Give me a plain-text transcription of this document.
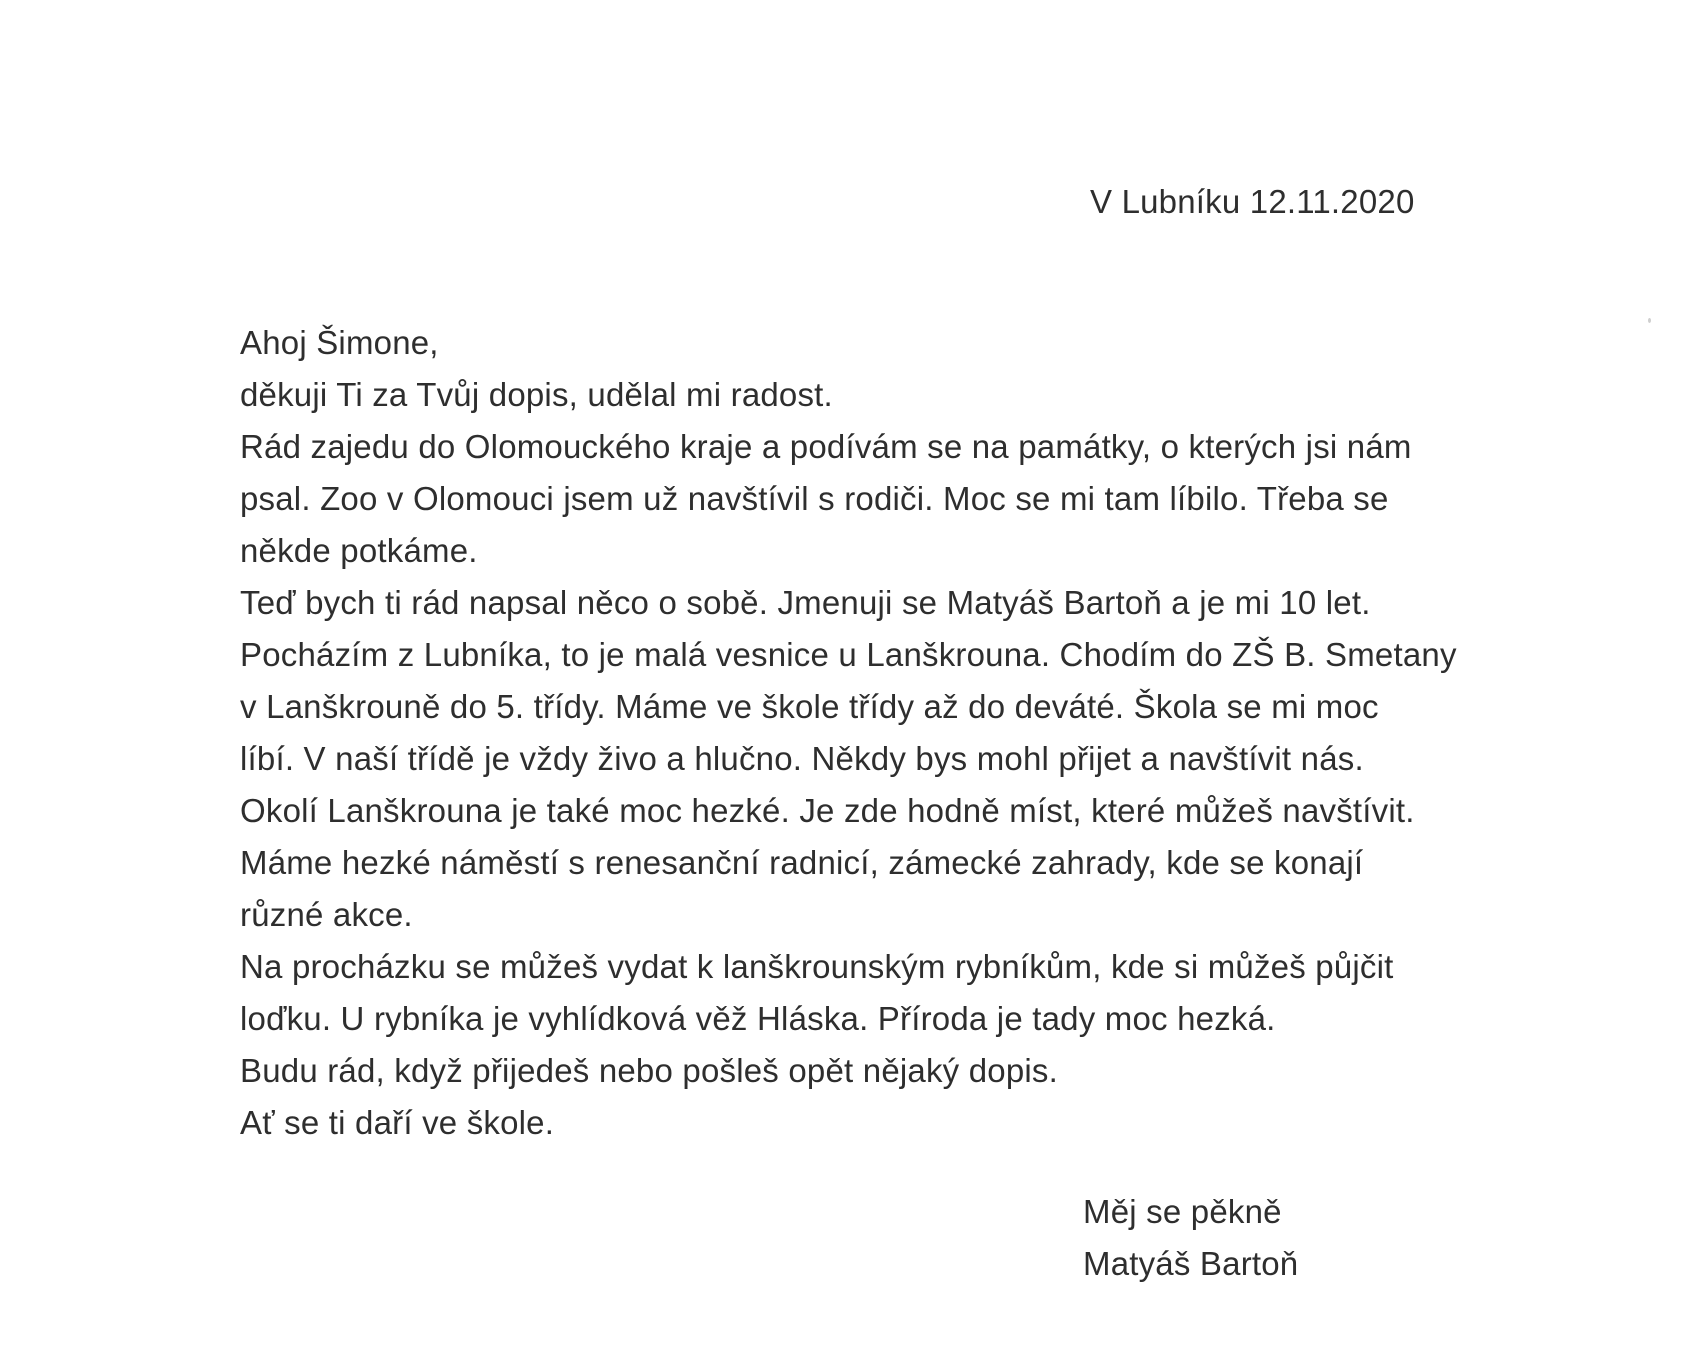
V Lubníku 12.11.2020
Ahoj Šimone,
děkuji Ti za Tvůj dopis, udělal mi radost.
Rád zajedu do Olomouckého kraje a podívám se na památky, o kterých jsi nám
psal. Zoo v Olomouci jsem už navštívil s rodiči. Moc se mi tam líbilo. Třeba se
někde potkáme.
Teď bych ti rád napsal něco o sobě. Jmenuji se Matyáš Bartoň a je mi 10 let.
Pocházím z Lubníka, to je malá vesnice u Lanškrouna. Chodím do ZŠ B. Smetany
v Lanškrouně do 5. třídy. Máme ve škole třídy až do deváté. Škola se mi moc
líbí. V naší třídě je vždy živo a hlučno. Někdy bys mohl přijet a navštívit nás.
Okolí Lanškrouna je také moc hezké. Je zde hodně míst, které můžeš navštívit.
Máme hezké náměstí s renesanční radnicí, zámecké zahrady, kde se konají
různé akce.
Na procházku se můžeš vydat k lanškrounským rybníkům, kde si můžeš půjčit
loďku. U rybníka je vyhlídková věž Hláska. Příroda je tady moc hezká.
Budu rád, když přijedeš nebo pošleš opět nějaký dopis.
Ať se ti daří ve škole.
Měj se pěkně
Matyáš Bartoň
